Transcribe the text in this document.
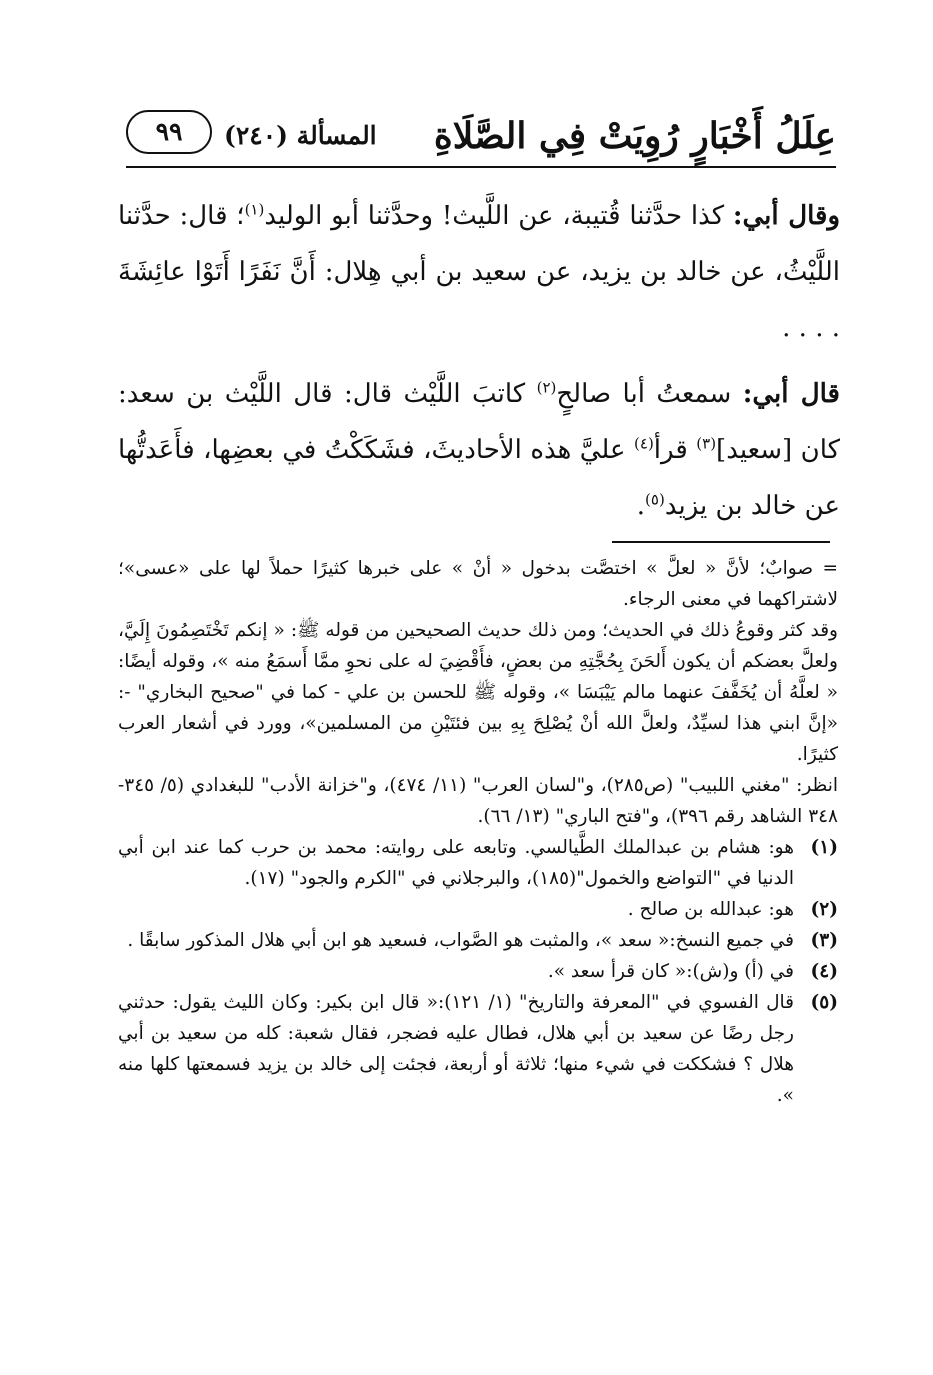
عِلَلُ أَخْبَارٍ رُوِيَتْ فِي الصَّلَاةِ
المسألة (٢٤٠)
٩٩

وقال أبي: كذا حدَّثنا قُتيبة، عن اللَّيث! وحدَّثنا أبو الوليد$^{(١)}$؛ قال: حدَّثنا اللَّيْثُ، عن خالد بن يزيد، عن سعيد بن أبي هِلال: أَنَّ نَفَرًا أَتَوْا عائِشَةَ . . . .

قال أبي: سمعتُ أبا صالحٍ$^{(٢)}$ كاتبَ اللَّيْث قال: قال اللَّيْث بن سعد: كان [سعيد]$^{(٣)}$ قرأ$^{(٤)}$ عليَّ هذه الأحاديثَ، فشَكَكْتُ في بعضِها، فأَعَدتُّها عن خالد بن يزيد$^{(٥)}$.

= صوابٌ؛ لأنَّ « لعلَّ » اختصَّت بدخول « أنْ » على خبرها كثيرًا حملاً لها على «عسى»؛ لاشتراكهما في معنى الرجاء.

وقد كثر وقوعُ ذلك في الحديث؛ ومن ذلك حديث الصحيحين من قوله ﷺ: « إنكم تَخْتَصِمُونَ إِلَيَّ، ولعلَّ بعضكم أن يكون أَلحَنَ بِحُجَّتِهِ من بعضٍ، فأَقْضِيَ له على نحوِ ممَّا أَسمَعُ منه »، وقوله أيضًا: « لعلَّهُ أن يُخَفَّفَ عنهما مالم يَيْبَسَا »، وقوله ﷺ للحسن بن علي - كما في "صحيح البخاري" -: «إنَّ ابني هذا لسيِّدٌ، ولعلَّ الله أنْ يُصْلِحَ بِهِ بين فئتَيْنِ من المسلمين»، وورد في أشعار العرب كثيرًا.

انظر: "مغني اللبيب" (ص٢٨٥)، و"لسان العرب" (١١/ ٤٧٤)، و"خزانة الأدب" للبغدادي (٥/ ٣٤٥- ٣٤٨ الشاهد رقم ٣٩٦)، و"فتح الباري" (١٣/ ٦٦).

(١)
هو: هشام بن عبدالملك الطَّيالسي. وتابعه على روايته: محمد بن حرب كما عند ابن أبي الدنيا في "التواضع والخمول"(١٨٥)، والبرجلاني في "الكرم والجود" (١٧).
(٢)
هو: عبدالله بن صالح .
(٣)
في جميع النسخ:« سعد »، والمثبت هو الصَّواب، فسعيد هو ابن أبي هلال المذكور سابقًا .
(٤)
في (أ) و(ش):« كان قرأ سعد ».
(٥)
قال الفسوي في "المعرفة والتاريخ" (١/ ١٢١):« قال ابن بكير: وكان الليث يقول: حدثني رجل رضًا عن سعيد بن أبي هلال، فطال عليه فضجر، فقال شعبة: كله من سعيد بن أبي هلال ؟ فشككت في شيء منها؛ ثلاثة أو أربعة، فجئت إلى خالد بن يزيد فسمعتها كلها منه ».
